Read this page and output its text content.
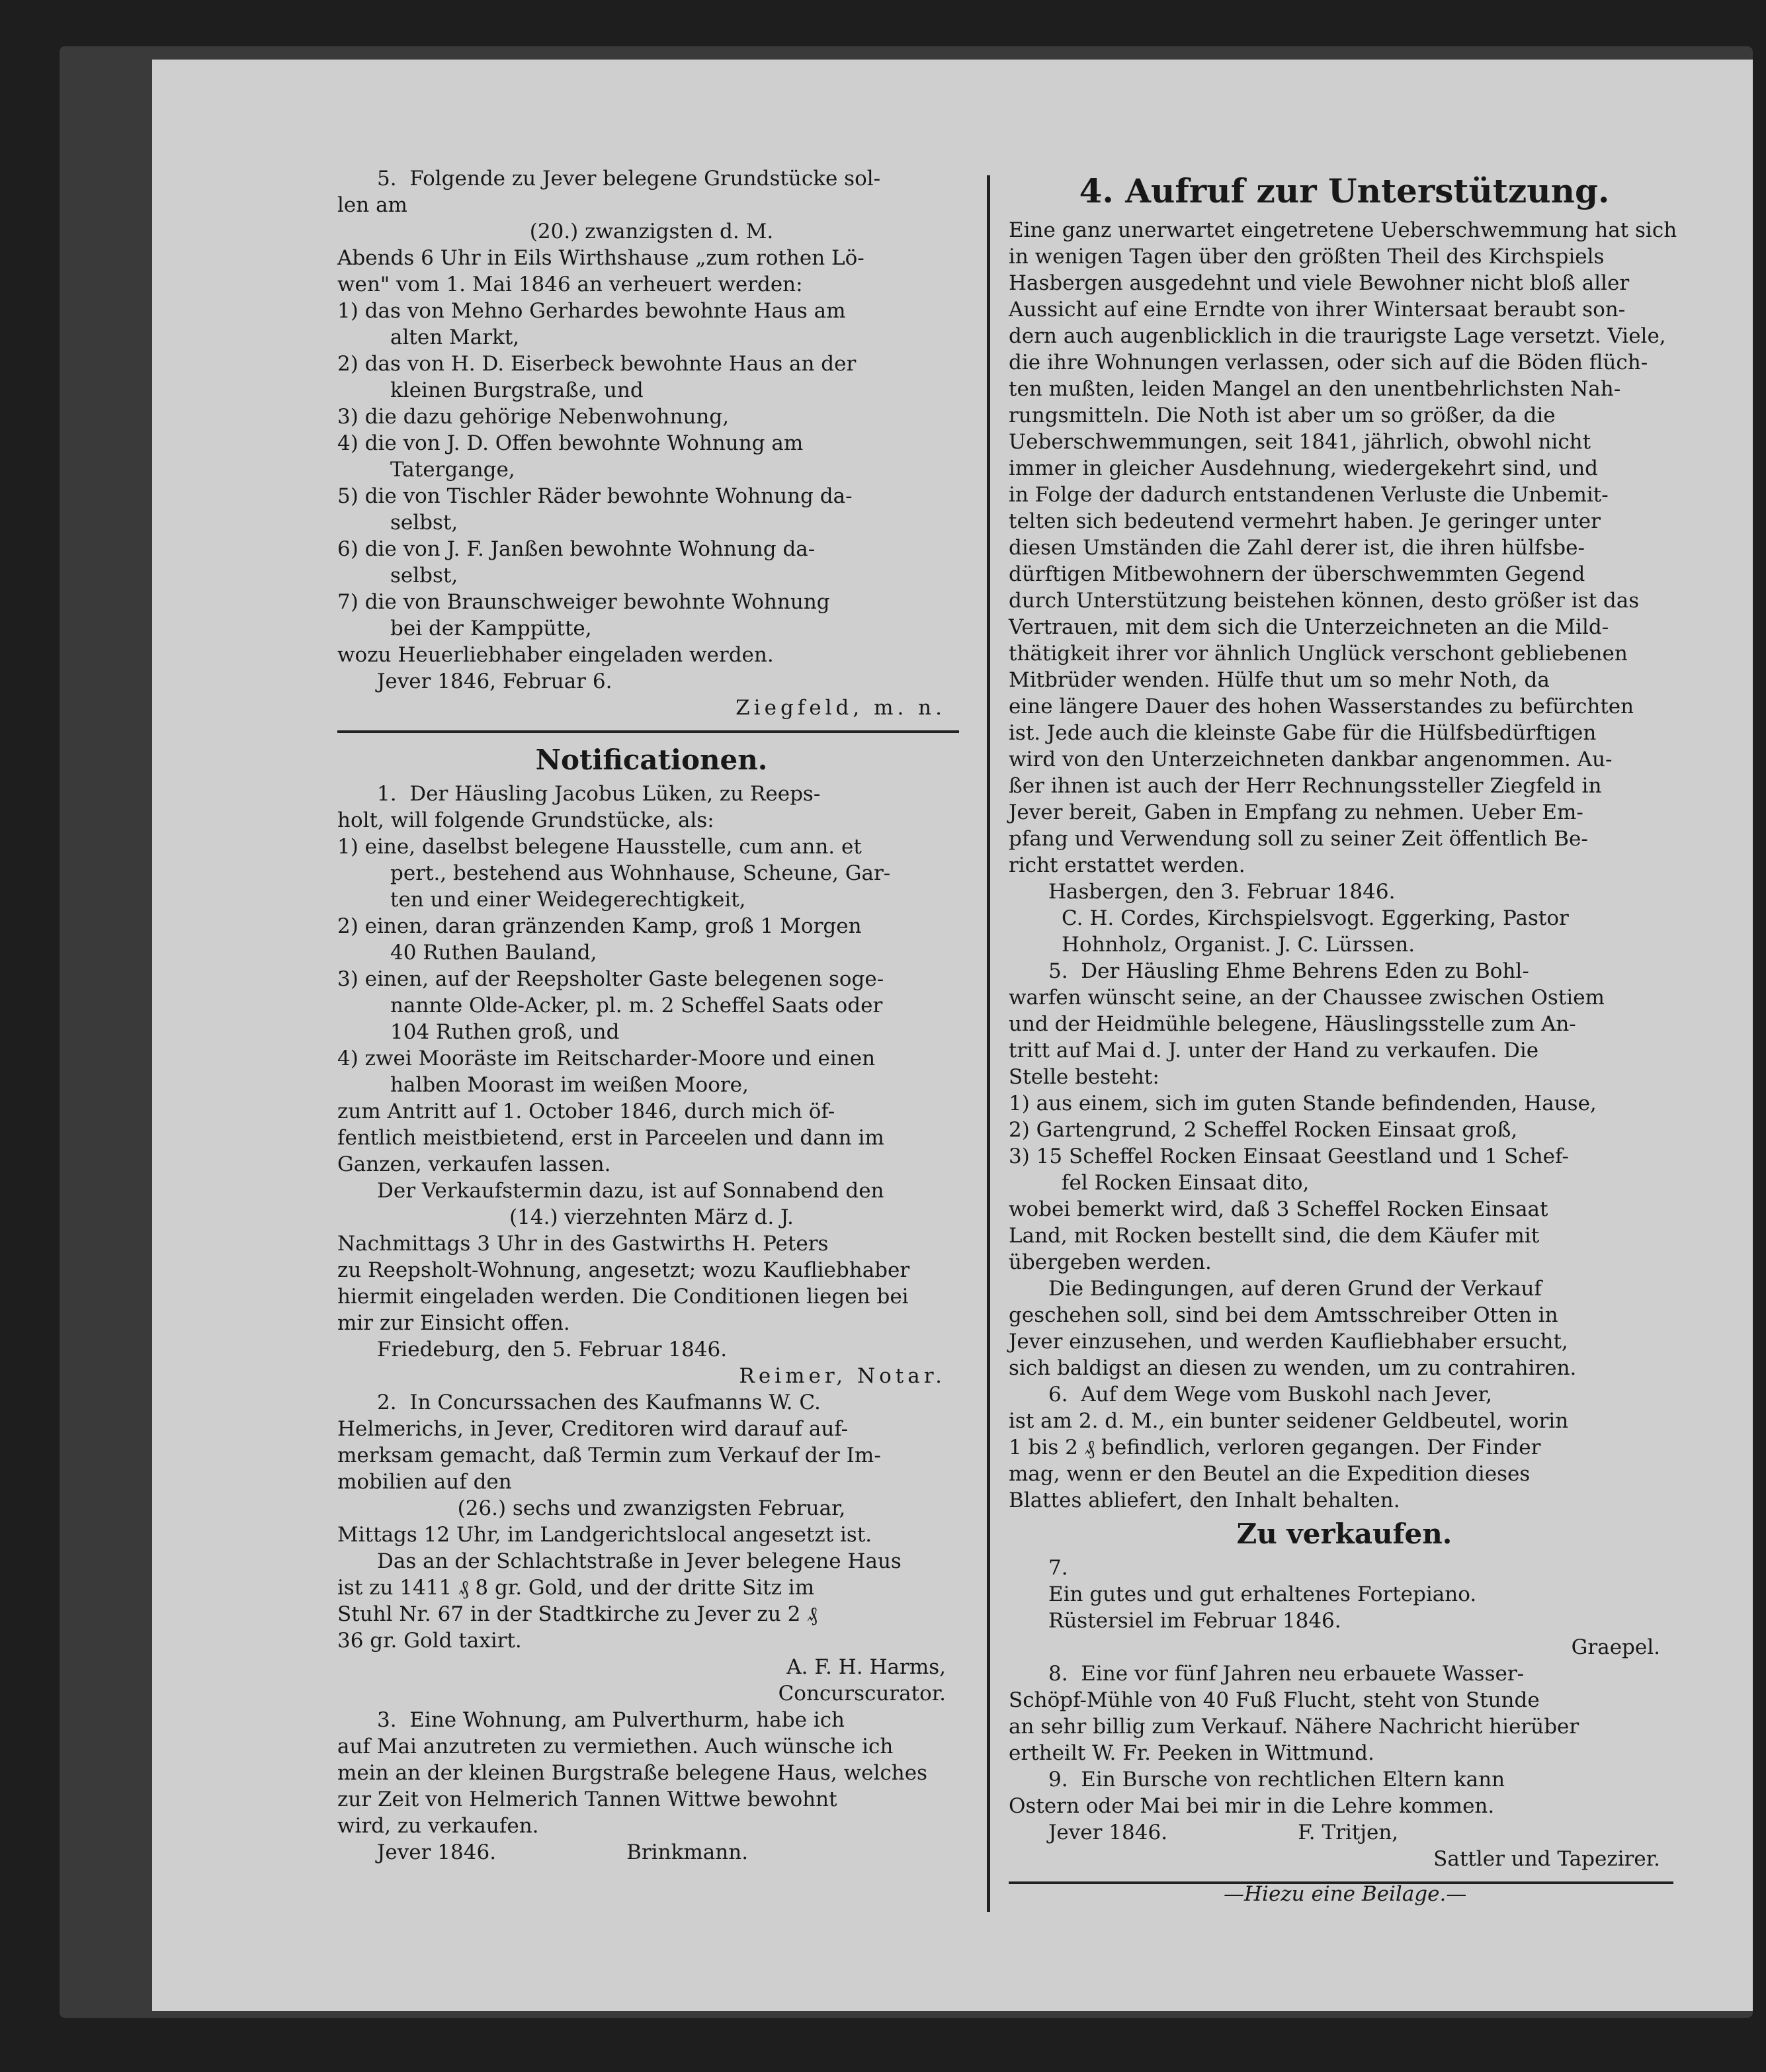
5.  Folgende zu Jever belegene Grundstücke sol-

len am

(20.) zwanzigsten d. M.

Abends 6 Uhr in Eils Wirthshause „zum rothen Lö-

wen" vom 1. Mai 1846 an verheuert werden:

1) das von Mehno Gerhardes bewohnte Haus am

alten Markt,

2) das von H. D. Eiserbeck bewohnte Haus an der

kleinen Burgstraße, und

3) die dazu gehörige Nebenwohnung,

4) die von J. D. Offen bewohnte Wohnung am

Tatergange,

5) die von Tischler Räder bewohnte Wohnung da-

selbst,

6) die von J. F. Janßen bewohnte Wohnung da-

selbst,

7) die von Braunschweiger bewohnte Wohnung

bei der Kamppütte,

wozu Heuerliebhaber eingeladen werden.

Jever 1846, Februar 6.

Ziegfeld, m. n.

Notificationen.

1.  Der Häusling Jacobus Lüken, zu Reeps-

holt, will folgende Grundstücke, als:

1) eine, daselbst belegene Hausstelle, cum ann. et

pert., bestehend aus Wohnhause, Scheune, Gar-

ten und einer Weidegerechtigkeit,

2) einen, daran gränzenden Kamp, groß 1 Morgen

40 Ruthen Bauland,

3) einen, auf der Reepsholter Gaste belegenen soge-

nannte Olde-Acker, pl. m. 2 Scheffel Saats oder

104 Ruthen groß, und

4) zwei Mooräste im Reitscharder-Moore und einen

halben Moorast im weißen Moore,

zum Antritt auf 1. October 1846, durch mich öf-

fentlich meistbietend, erst in Parceelen und dann im

Ganzen, verkaufen lassen.

Der Verkaufstermin dazu, ist auf Sonnabend den

(14.) vierzehnten März d. J.

Nachmittags 3 Uhr in des Gastwirths H. Peters

zu Reepsholt-Wohnung, angesetzt; wozu Kaufliebhaber

hiermit eingeladen werden. Die Conditionen liegen bei

mir zur Einsicht offen.

Friedeburg, den 5. Februar 1846.

Reimer, Notar.

2.  In Concurssachen des Kaufmanns W. C.

Helmerichs, in Jever, Creditoren wird darauf auf-

merksam gemacht, daß Termin zum Verkauf der Im-

mobilien auf den

(26.) sechs und zwanzigsten Februar,

Mittags 12 Uhr, im Landgerichtslocal angesetzt ist.

Das an der Schlachtstraße in Jever belegene Haus

ist zu 1411 ₰ 8 gr. Gold, und der dritte Sitz im

Stuhl Nr. 67 in der Stadtkirche zu Jever zu 2 ₰

36 gr. Gold taxirt.

A. F. H. Harms,

Concurscurator.

3.  Eine Wohnung, am Pulverthurm, habe ich

auf Mai anzutreten zu vermiethen. Auch wünsche ich

mein an der kleinen Burgstraße belegene Haus, welches

zur Zeit von Helmerich Tannen Wittwe bewohnt

wird, zu verkaufen.

Jever 1846.                    Brinkmann.

4. Aufruf zur Unterstützung.

Eine ganz unerwartet eingetretene Ueberschwemmung hat sich

in wenigen Tagen über den größten Theil des Kirchspiels

Hasbergen ausgedehnt und viele Bewohner nicht bloß aller

Aussicht auf eine Erndte von ihrer Wintersaat beraubt son-

dern auch augenblicklich in die traurigste Lage versetzt. Viele,

die ihre Wohnungen verlassen, oder sich auf die Böden flüch-

ten mußten, leiden Mangel an den unentbehrlichsten Nah-

rungsmitteln. Die Noth ist aber um so größer, da die

Ueberschwemmungen, seit 1841, jährlich, obwohl nicht

immer in gleicher Ausdehnung, wiedergekehrt sind, und

in Folge der dadurch entstandenen Verluste die Unbemit-

telten sich bedeutend vermehrt haben. Je geringer unter

diesen Umständen die Zahl derer ist, die ihren hülfsbe-

dürftigen Mitbewohnern der überschwemmten Gegend

durch Unterstützung beistehen können, desto größer ist das

Vertrauen, mit dem sich die Unterzeichneten an die Mild-

thätigkeit ihrer vor ähnlich Unglück verschont gebliebenen

Mitbrüder wenden. Hülfe thut um so mehr Noth, da

eine längere Dauer des hohen Wasserstandes zu befürchten

ist. Jede auch die kleinste Gabe für die Hülfsbedürftigen

wird von den Unterzeichneten dankbar angenommen. Au-

ßer ihnen ist auch der Herr Rechnungssteller Ziegfeld in

Jever bereit, Gaben in Empfang zu nehmen. Ueber Em-

pfang und Verwendung soll zu seiner Zeit öffentlich Be-

richt erstattet werden.

Hasbergen, den 3. Februar 1846.

C. H. Cordes, Kirchspielsvogt. Eggerking, Pastor

Hohnholz, Organist. J. C. Lürssen.

5.  Der Häusling Ehme Behrens Eden zu Bohl-

warfen wünscht seine, an der Chaussee zwischen Ostiem

und der Heidmühle belegene, Häuslingsstelle zum An-

tritt auf Mai d. J. unter der Hand zu verkaufen. Die

Stelle besteht:

1) aus einem, sich im guten Stande befindenden, Hause,

2) Gartengrund, 2 Scheffel Rocken Einsaat groß,

3) 15 Scheffel Rocken Einsaat Geestland und 1 Schef-

fel Rocken Einsaat dito,

wobei bemerkt wird, daß 3 Scheffel Rocken Einsaat

Land, mit Rocken bestellt sind, die dem Käufer mit

übergeben werden.

Die Bedingungen, auf deren Grund der Verkauf

geschehen soll, sind bei dem Amtsschreiber Otten in

Jever einzusehen, und werden Kaufliebhaber ersucht,

sich baldigst an diesen zu wenden, um zu contrahiren.

6.  Auf dem Wege vom Buskohl nach Jever,

ist am 2. d. M., ein bunter seidener Geldbeutel, worin

1 bis 2 ₰ befindlich, verloren gegangen. Der Finder

mag, wenn er den Beutel an die Expedition dieses

Blattes abliefert, den Inhalt behalten.

Zu verkaufen.

7.

Ein gutes und gut erhaltenes Fortepiano.

Rüstersiel im Februar 1846.

Graepel.

8.  Eine vor fünf Jahren neu erbauete Wasser-

Schöpf-Mühle von 40 Fuß Flucht, steht von Stunde

an sehr billig zum Verkauf. Nähere Nachricht hierüber

ertheilt W. Fr. Peeken in Wittmund.

9.  Ein Bursche von rechtlichen Eltern kann

Ostern oder Mai bei mir in die Lehre kommen.

Jever 1846.                    F. Tritjen,

Sattler und Tapezirer.

—Hiezu eine Beilage.—
